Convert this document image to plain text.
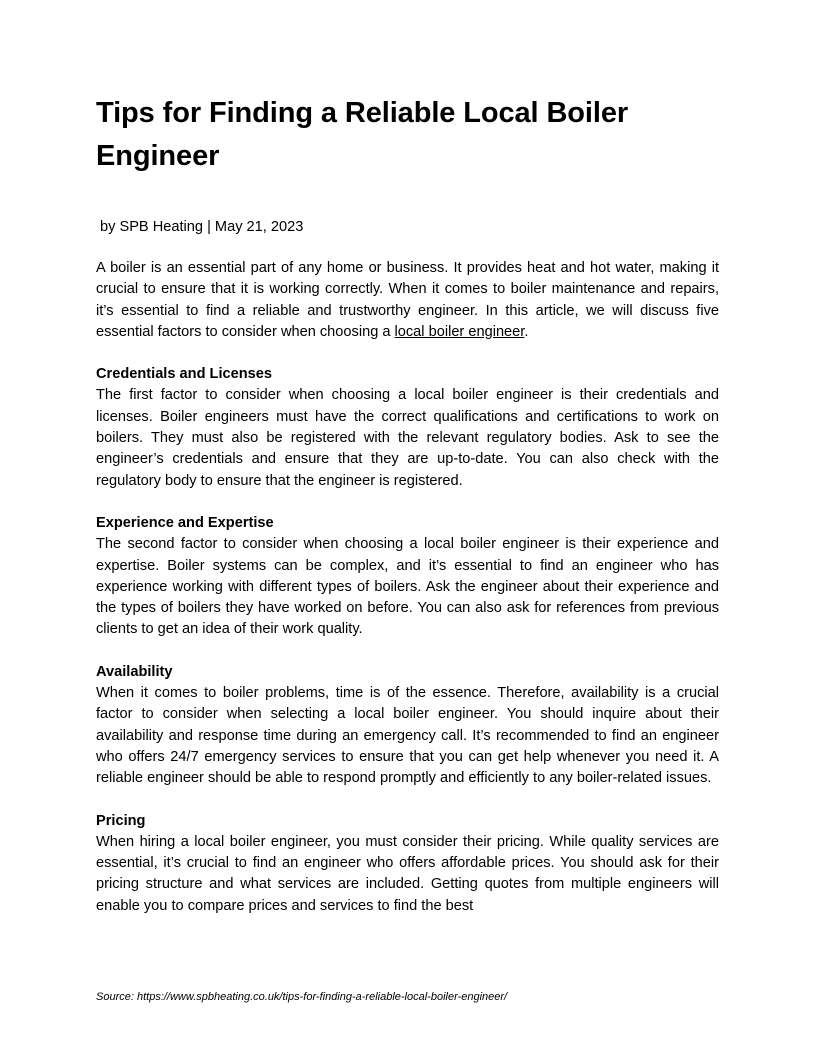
Tips for Finding a Reliable Local Boiler Engineer
by SPB Heating | May 21, 2023

A boiler is an essential part of any home or business. It provides heat and hot water, making it crucial to ensure that it is working correctly. When it comes to boiler maintenance and repairs, it’s essential to find a reliable and trustworthy engineer. In this article, we will discuss five essential factors to consider when choosing a local boiler engineer.

Credentials and Licenses

The first factor to consider when choosing a local boiler engineer is their credentials and licenses. Boiler engineers must have the correct qualifications and certifications to work on boilers. They must also be registered with the relevant regulatory bodies. Ask to see the engineer’s credentials and ensure that they are up-to-date. You can also check with the regulatory body to ensure that the engineer is registered.

Experience and Expertise

The second factor to consider when choosing a local boiler engineer is their experience and expertise. Boiler systems can be complex, and it’s essential to find an engineer who has experience working with different types of boilers. Ask the engineer about their experience and the types of boilers they have worked on before. You can also ask for references from previous clients to get an idea of their work quality.

Availability

When it comes to boiler problems, time is of the essence. Therefore, availability is a crucial factor to consider when selecting a local boiler engineer. You should inquire about their availability and response time during an emergency call. It’s recommended to find an engineer who offers 24/7 emergency services to ensure that you can get help whenever you need it. A reliable engineer should be able to respond promptly and efficiently to any boiler-related issues.

Pricing

When hiring a local boiler engineer, you must consider their pricing. While quality services are essential, it’s crucial to find an engineer who offers affordable prices. You should ask for their pricing structure and what services are included. Getting quotes from multiple engineers will enable you to compare prices and services to find the best

Source: https://www.spbheating.co.uk/tips-for-finding-a-reliable-local-boiler-engineer/
